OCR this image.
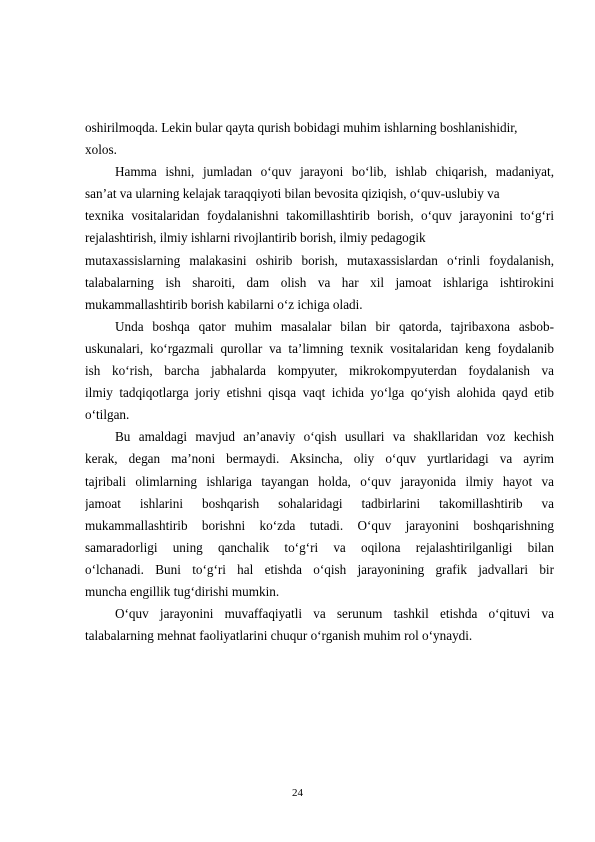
oshirilmoqda. Lekin bular qayta qurish bobidagi muhim ishlarning boshlanishidir,
xolos.
Hamma ishni, jumladan o‘quv jarayoni bo‘lib, ishlab chiqarish, madaniyat,
san’at va ularning kelajak taraqqiyoti bilan bevosita qiziqish, o‘quv-uslubiy va
texnika vositalaridan foydalanishni takomillashtirib borish, o‘quv jarayonini to‘g‘ri
rejalashtirish, ilmiy ishlarni rivojlantirib borish, ilmiy pedagogik
mutaxassislarning malakasini oshirib borish, mutaxassislardan o‘rinli foydalanish,
talabalarning ish sharoiti, dam olish va har xil jamoat ishlariga ishtirokini
mukammallashtirib borish kabilarni o‘z ichiga oladi.
Unda boshqa qator muhim masalalar bilan bir qatorda, tajribaxona asbob-
uskunalari, ko‘rgazmali qurollar va ta’limning texnik vositalaridan keng foydalanib
ish ko‘rish, barcha jabhalarda kompyuter, mikrokompyuterdan foydalanish va
ilmiy tadqiqotlarga joriy etishni qisqa vaqt ichida yo‘lga qo‘yish alohida qayd etib
o‘tilgan.
Bu amaldagi mavjud an’anaviy o‘qish usullari va shakllaridan voz kechish
kerak, degan ma’noni bermaydi. Aksincha, oliy o‘quv yurtlaridagi va ayrim
tajribali olimlarning ishlariga tayangan holda, o‘quv jarayonida ilmiy hayot va
jamoat ishlarini boshqarish sohalaridagi tadbirlarini takomillashtirib va
mukammallashtirib borishni ko‘zda tutadi. O‘quv jarayonini boshqarishning
samaradorligi uning qanchalik to‘g‘ri va oqilona rejalashtirilganligi bilan
o‘lchanadi. Buni to‘g‘ri hal etishda o‘qish jarayonining grafik jadvallari bir
muncha engillik tug‘dirishi mumkin.
O‘quv jarayonini muvaffaqiyatli va serunum tashkil etishda o‘qituvi va
talabalarning mehnat faoliyatlarini chuqur o‘rganish muhim rol o‘ynaydi.
24
